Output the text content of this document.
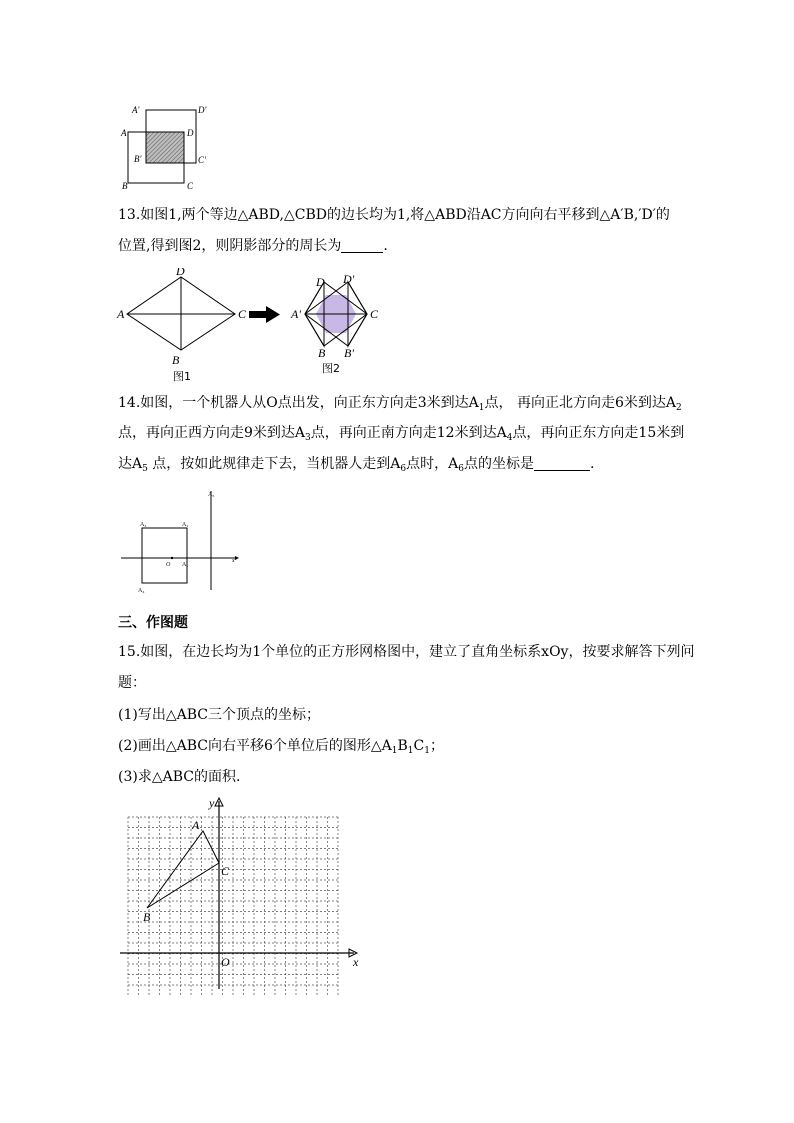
A'	D'
A	D
B'	C'
B	C
13.如图1,两个等边△ABD,△CBD的边长均为1,将△ABD沿AC方向向右平移到△A′B,′D′的
位置,得到图2，则阴影部分的周长为	.
A
D
C
B
图1
A'
D D'
C
B B'
图2
14.如图，一个机器人从O点出发，向正东方向走3米到达$A_1$点， 再向正北方向走6米到达$A_2$
点，再向正西方向走9米到达$A_3$点，再向正南方向走12米到达$A_4$点，再向正东方向走15米到
达$A_5$ 点，按如此规律走下去，当机器人走到$A_6$点时，$A_6$点的坐标是	.
A₅
A₃	A₂
O A₁
x
A₄
三、作图题
15.如图，在边长均为1个单位的正方形网格图中，建立了直角坐标系xOy，按要求解答下列问
题：
(1)写出△ABC三个顶点的坐标；
(2)画出△ABC向右平移6个单位后的图形$\triangle A_1B_1C_1$；
(3)求△ABC的面积.
A
C
B
O	x
y
